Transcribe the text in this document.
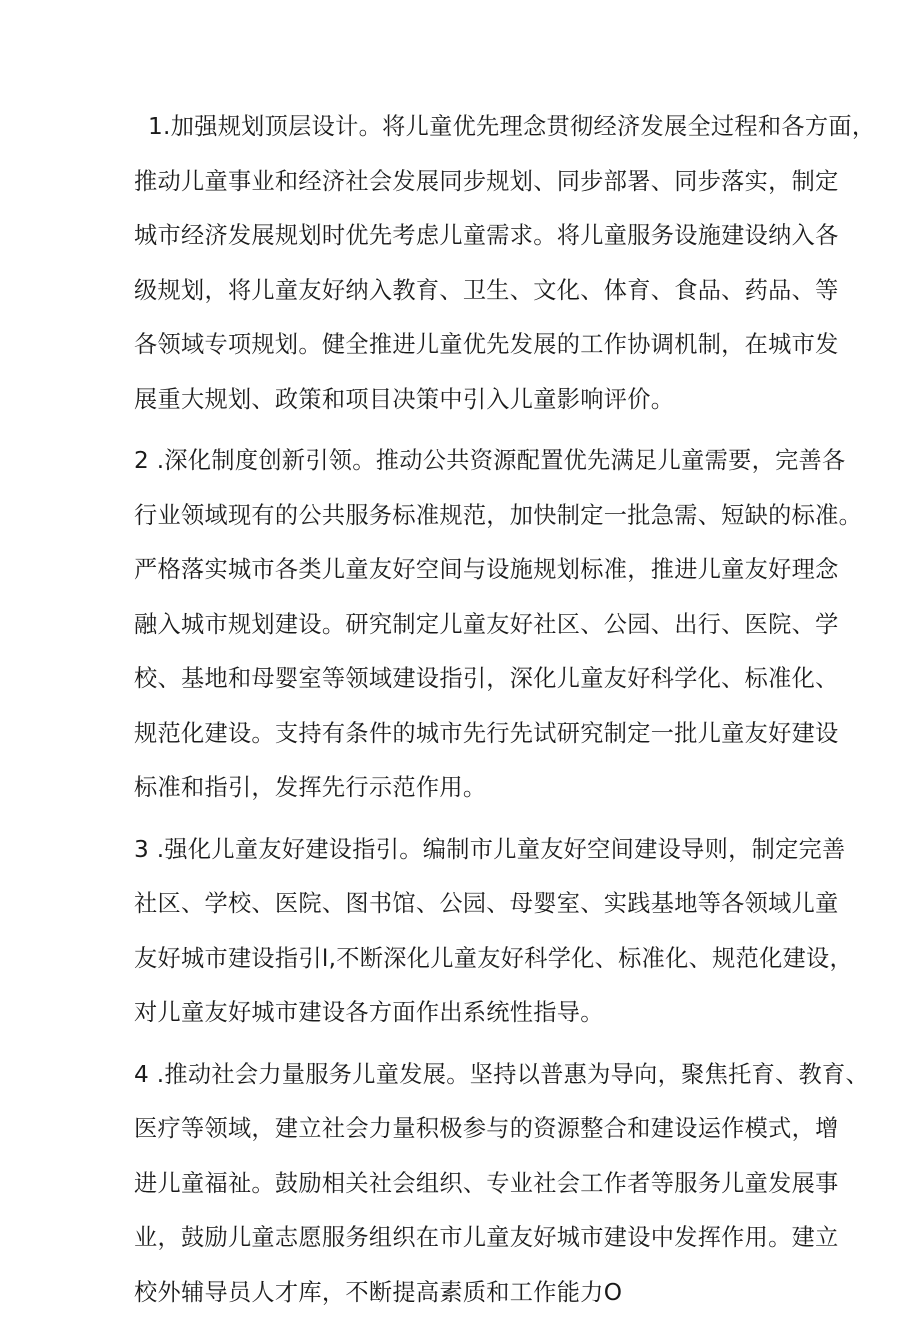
1.加强规划顶层设计。将儿童优先理念贯彻经济发展全过程和各方面，
推动儿童事业和经济社会发展同步规划、同步部署、同步落实，制定
城市经济发展规划时优先考虑儿童需求。将儿童服务设施建设纳入各
级规划，将儿童友好纳入教育、卫生、文化、体育、食品、药品、等
各领域专项规划。健全推进儿童优先发展的工作协调机制，在城市发
展重大规划、政策和项目决策中引入儿童影响评价。

2 .深化制度创新引领。推动公共资源配置优先满足儿童需要，完善各
行业领域现有的公共服务标准规范，加快制定一批急需、短缺的标准。
严格落实城市各类儿童友好空间与设施规划标准，推进儿童友好理念
融入城市规划建设。研究制定儿童友好社区、公园、出行、医院、学
校、基地和母婴室等领域建设指引，深化儿童友好科学化、标准化、
规范化建设。支持有条件的城市先行先试研究制定一批儿童友好建设
标准和指引，发挥先行示范作用。

3 .强化儿童友好建设指引。编制市儿童友好空间建设导则，制定完善
社区、学校、医院、图书馆、公园、母婴室、实践基地等各领域儿童
友好城市建设指引l,不断深化儿童友好科学化、标准化、规范化建设，
对儿童友好城市建设各方面作出系统性指导。

4 .推动社会力量服务儿童发展。坚持以普惠为导向，聚焦托育、教育、
医疗等领域，建立社会力量积极参与的资源整合和建设运作模式，增
进儿童福祉。鼓励相关社会组织、专业社会工作者等服务儿童发展事
业，鼓励儿童志愿服务组织在市儿童友好城市建设中发挥作用。建立
校外辅导员人才库，不断提高素质和工作能力O
